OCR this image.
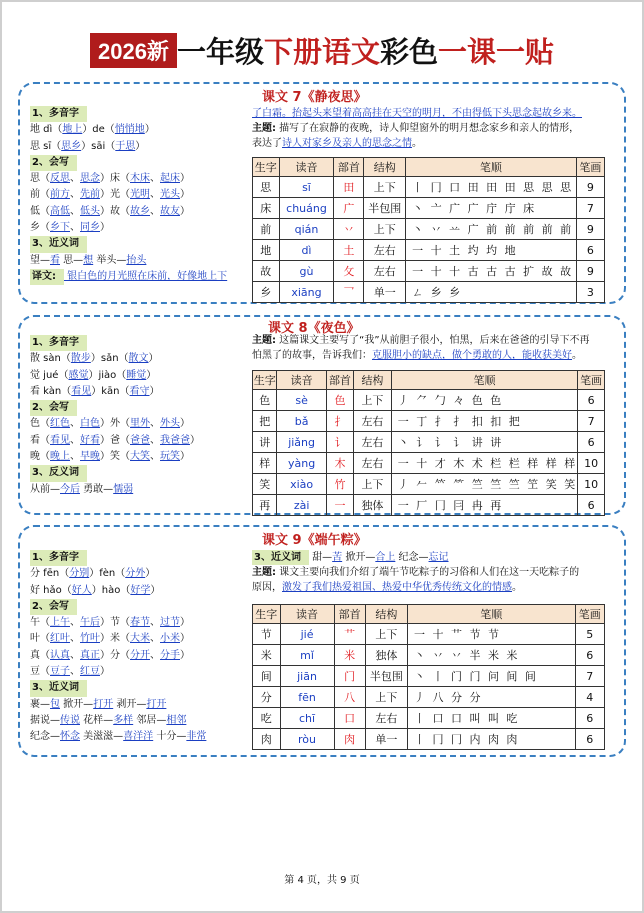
2026新 一年级下册语文彩色一课一贴
课文 7《静夜思》
1、多音字
地 dì（地上）de（悄悄地）
思 sī（思乡）sāi（于思）
2、会写
思（反思、思念）床（木床、起床）
前（前方、先前）光（光明、光头）
低（高低、低头）故（故乡、故友）
乡（乡下、同乡）
3、近义词
望—看 思—想 举头—抬头
译文: 银白色的月光照在床前，好像地上下
了白霜。抬起头来望着高高挂在天空的明月，不由得低下头思念起故乡来。
主题: 描写了在寂静的夜晚，诗人仰望窗外的明月想念家乡和亲人的情形，
表达了诗人对家乡及亲人的思念之情。
生字	读音	部首	结构	笔顺	笔画
思	sī	田	上下	丨 冂 口 田 田 田 思 思 思	9
床	chuáng	广	半包围	丶 亠 广 广 庁 庁 床	7
前	qián	丷	上下	丶 丷 䒑 广 前 前 前 前 前	9
地	dì	土	左右	一 十 土 圴 圴 地	6
故	gù	攵	左右	一 十 十 古 古 古 扩 故 故	9
乡	xiāng	乛	单一	ㄥ 乡 乡	3
课文 8《夜色》
1、多音字
散 sàn（散步）sǎn（散文）
觉 jué（感觉）jiào（睡觉）
看 kàn（看见）kān（看守）
2、会写
色（红色、白色）外（里外、外头）
看（看见、好看）爸（爸爸、我爸爸）
晚（晚上、早晚）笑（大笑、玩笑）
3、反义词
从前—今后 勇敢—懦弱
主题: 这篇课文主要写了“我”从前胆子很小，怕黑，后来在爸爸的引导下不再
怕黑了的故事，告诉我们：克服胆小的缺点，做个勇敢的人，能收获美好。
生字	读音	部首	结构	笔顺	笔画
色	sè	色	上下	丿 ⺈ 勹 々 色 色	6
把	bǎ	扌	左右	一 丁 扌 扌 扣 扣 把	7
讲	jiǎng	讠	左右	丶 讠 讠 讠 讲 讲	6
样	yàng	木	左右	一 十 才 木 术 栏 栏 样 样 样	10
笑	xiào	竹	上下	丿 𠂉 𥫗 ⺮ 竺 竺 竺 笁 笑 笑	10
再	zài	一	独体	一 厂 冂 冃 冉 再	6
课文 9《端午粽》
1、多音字
分 fēn（分别）fèn（分外）
好 hǎo（好人）hào（好学）
2、会写
午（上午、午后）节（春节、过节）
叶（红叶、竹叶）米（大米、小米）
真（认真、真正）分（分开、分手）
豆（豆子、红豆）
3、近义词
裹—包 掀开—打开 剥开—打开
据说—传说 花样—多样 邻居—相邻
纪念—怀念 美滋滋—喜洋洋 十分—非常
3、近义词 甜—苦 掀开—合上 纪念—忘记
主题: 课文主要向我们介绍了端午节吃粽子的习俗和人们在这一天吃粽子的
原因，激发了我们热爱祖国、热爱中华优秀传统文化的情感。
生字	读音	部首	结构	笔顺	笔画
节	jié	艹	上下	一 十 艹 节 节	5
米	mǐ	米	独体	丶 丷 丷 半 米 米	6
间	jiān	门	半包围	丶 丨 门 门 问 间 间	7
分	fēn	八	上下	丿 八 分 分	4
吃	chī	口	左右	丨 口 口 叫 叫 吃	6
肉	ròu	肉	单一	丨 冂 冂 内 肉 肉	6
第 4 页，共 9 页
